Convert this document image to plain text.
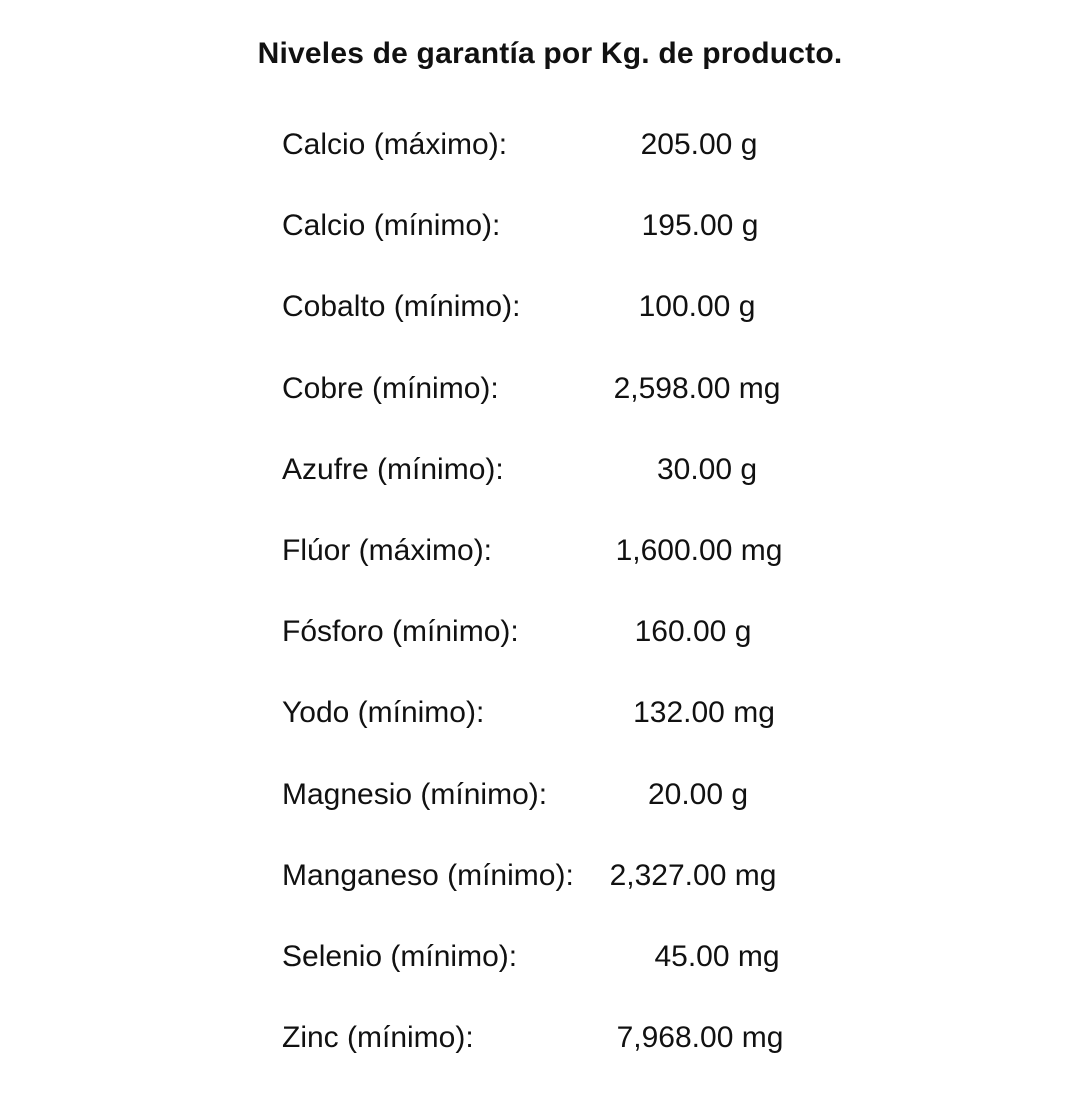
Niveles de garantía por Kg. de producto.
Calcio (máximo):	205.00 g
Calcio (mínimo):	195.00 g
Cobalto (mínimo):	100.00 g
Cobre (mínimo):	2,598.00 mg
Azufre (mínimo):	30.00 g
Flúor (máximo):	1,600.00 mg
Fósforo (mínimo):	160.00 g
Yodo (mínimo):	132.00 mg
Magnesio (mínimo):	20.00 g
Manganeso (mínimo): 2,327.00 mg
Selenio (mínimo):	45.00 mg
Zinc (mínimo):	7,968.00 mg
